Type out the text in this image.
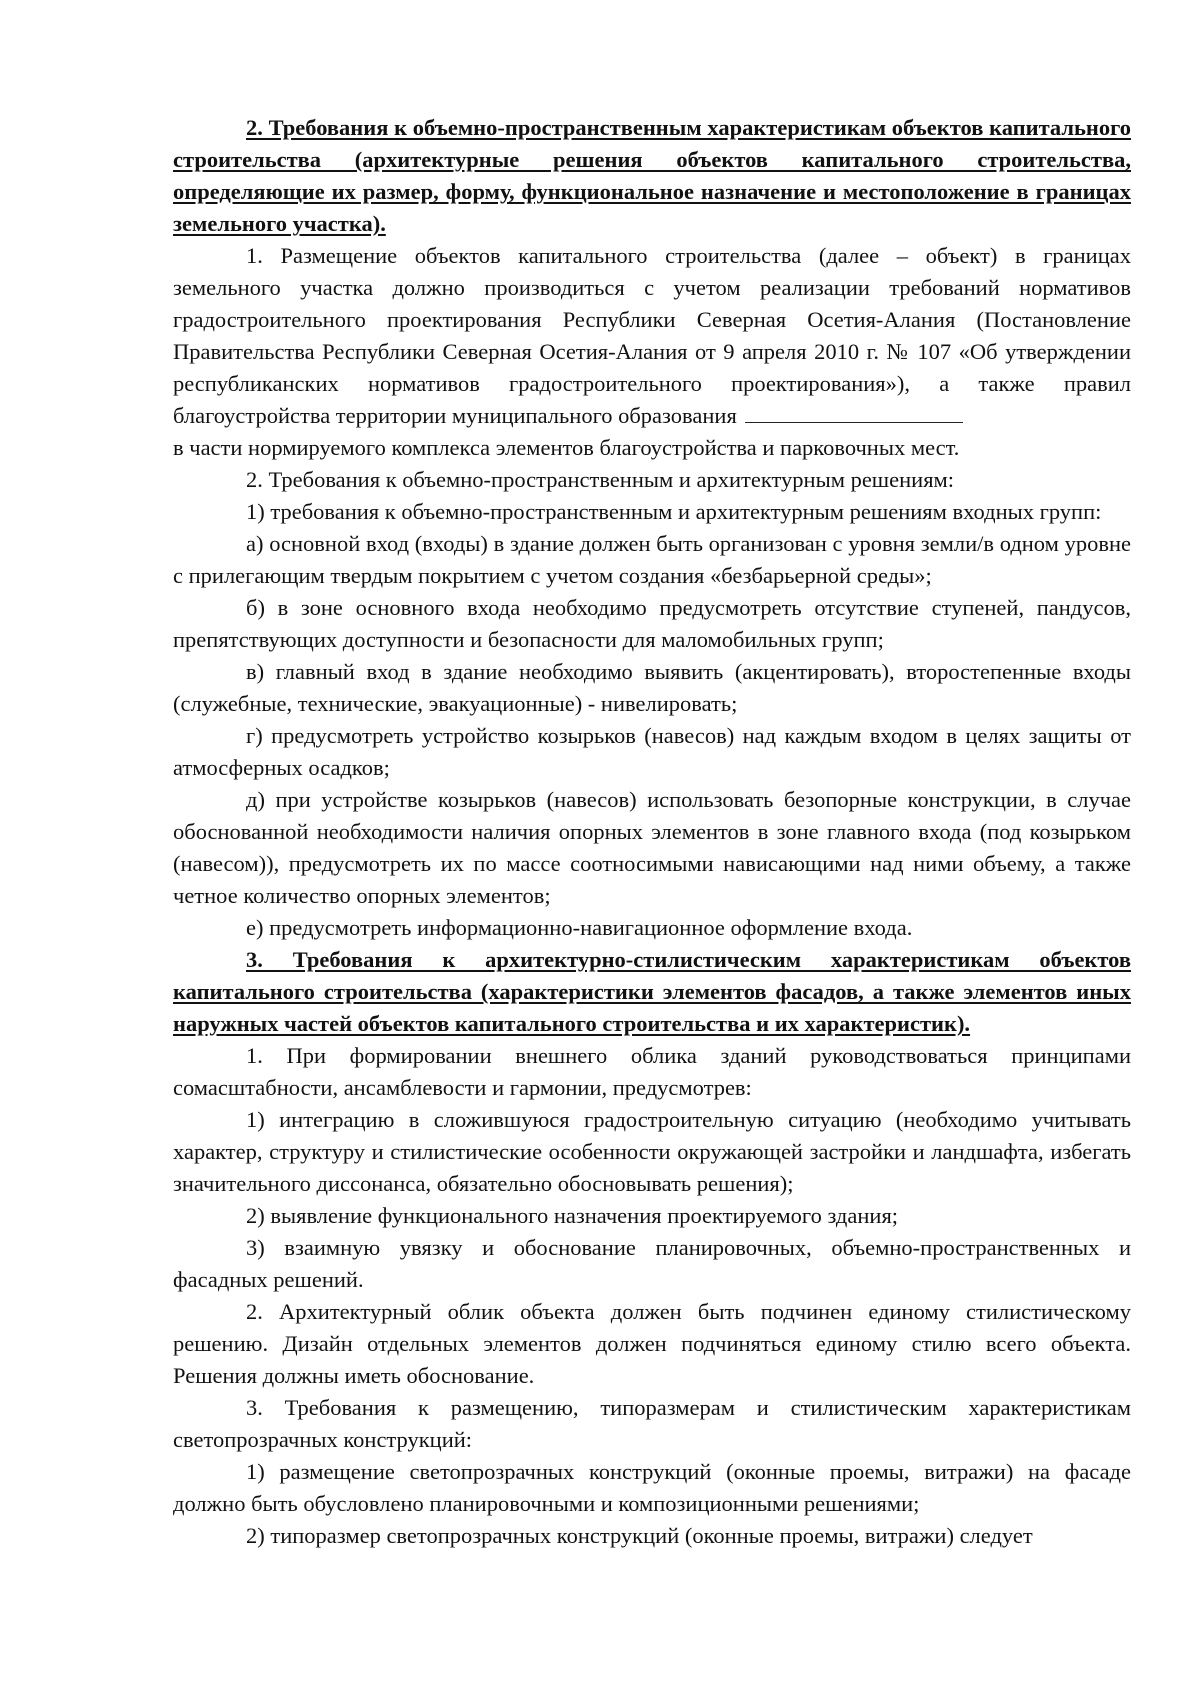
2. Требования к объемно-пространственным характеристикам объектов капитального строительства (архитектурные решения объектов капитального строительства, определяющие их размер, форму, функциональное назначение и местоположение в границах земельного участка).

1. Размещение объектов капитального строительства (далее – объект) в границах земельного участка должно производиться с учетом реализации требований нормативов градостроительного проектирования Республики Северная Осетия-Алания (Постановление Правительства Республики Северная Осетия-Алания от 9 апреля 2010 г. № 107 «Об утверждении республиканских нормативов градостроительного проектирования»), а также правил благоустройства территории муниципального образования

в части нормируемого комплекса элементов благоустройства и парковочных мест.

2. Требования к объемно-пространственным и архитектурным решениям:

1) требования к объемно-пространственным и архитектурным решениям входных групп:

а) основной вход (входы) в здание должен быть организован с уровня земли/в одном уровне с прилегающим твердым покрытием с учетом создания «безбарьерной среды»;

б) в зоне основного входа необходимо предусмотреть отсутствие ступеней, пандусов, препятствующих доступности и безопасности для маломобильных групп;

в) главный вход в здание необходимо выявить (акцентировать), второстепенные входы (служебные, технические, эвакуационные) - нивелировать;

г) предусмотреть устройство козырьков (навесов) над каждым входом в целях защиты от атмосферных осадков;

д) при устройстве козырьков (навесов) использовать безопорные конструкции, в случае обоснованной необходимости наличия опорных элементов в зоне главного входа (под козырьком (навесом)), предусмотреть их по массе соотносимыми нависающими над ними объему, а также четное количество опорных элементов;

е) предусмотреть информационно-навигационное оформление входа.

3. Требования к архитектурно-стилистическим характеристикам объектов капитального строительства (характеристики элементов фасадов, а также элементов иных наружных частей объектов капитального строительства и их характеристик).

1. При формировании внешнего облика зданий руководствоваться принципами сомасштабности, ансамблевости и гармонии, предусмотрев:

1) интеграцию в сложившуюся градостроительную ситуацию (необходимо учитывать характер, структуру и стилистические особенности окружающей застройки и ландшафта, избегать значительного диссонанса, обязательно обосновывать решения);

2) выявление функционального назначения проектируемого здания;

3) взаимную увязку и обоснование планировочных, объемно-пространственных и фасадных решений.

2. Архитектурный облик объекта должен быть подчинен единому стилистическому решению. Дизайн отдельных элементов должен подчиняться единому стилю всего объекта. Решения должны иметь обоснование.

3. Требования к размещению, типоразмерам и стилистическим характеристикам светопрозрачных конструкций:

1) размещение светопрозрачных конструкций (оконные проемы, витражи) на фасаде должно быть обусловлено планировочными и композиционными решениями;

2) типоразмер светопрозрачных конструкций (оконные проемы, витражи) следует
